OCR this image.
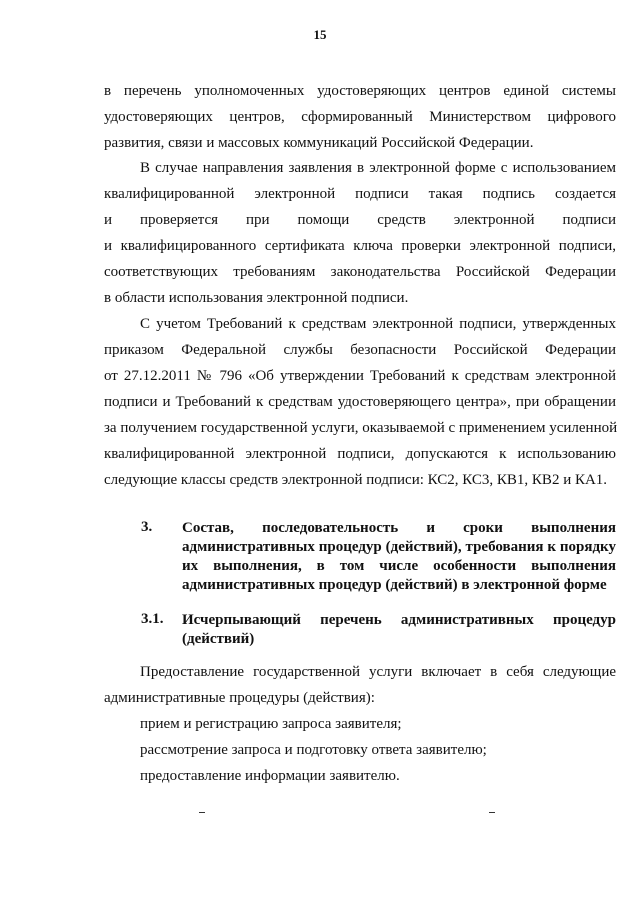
15
в перечень уполномоченных удостоверяющих центров единой системы
удостоверяющих центров, сформированный Министерством цифрового
развития, связи и массовых коммуникаций Российской Федерации.
В случае направления заявления в электронной форме с использованием
квалифицированной электронной подписи такая подпись создается
и проверяется при помощи средств электронной подписи
и квалифицированного сертификата ключа проверки электронной подписи,
соответствующих требованиям законодательства Российской Федерации
в области использования электронной подписи.
С учетом Требований к средствам электронной подписи, утвержденных
приказом Федеральной службы безопасности Российской Федерации
от 27.12.2011 № 796 «Об утверждении Требований к средствам электронной
подписи и Требований к средствам удостоверяющего центра», при обращении
за получением государственной услуги, оказываемой с применением усиленной
квалифицированной электронной подписи, допускаются к использованию
следующие классы средств электронной подписи: КС2, КС3, КВ1, КВ2 и КА1.
3. Состав, последовательность и сроки выполнения
административных процедур (действий), требования к порядку
их выполнения, в том числе особенности выполнения
административных процедур (действий) в электронной форме
3.1. Исчерпывающий перечень административных процедур
(действий)
Предоставление государственной услуги включает в себя следующие
административные процедуры (действия):
прием и регистрацию запроса заявителя;
рассмотрение запроса и подготовку ответа заявителю;
предоставление информации заявителю.
